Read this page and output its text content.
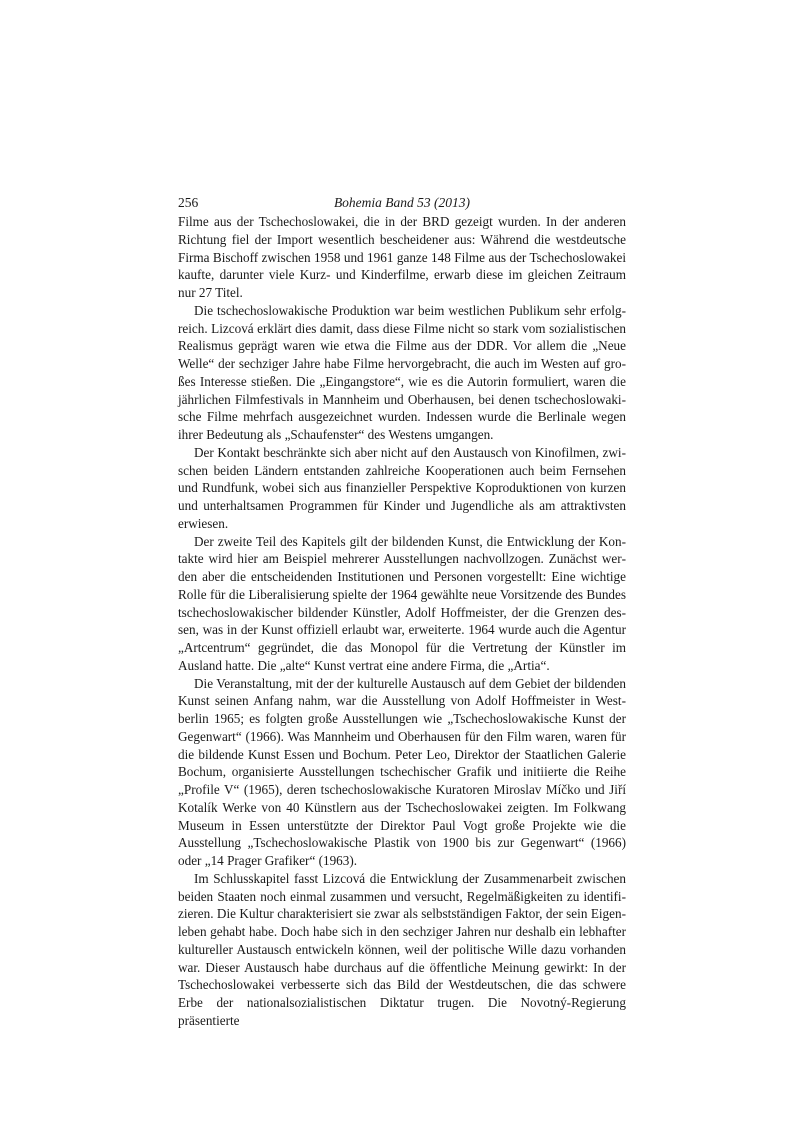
256	Bohemia Band 53 (2013)

Filme aus der Tschechoslowakei, die in der BRD gezeigt wurden. In der anderen Richtung fiel der Import wesentlich bescheidener aus: Während die westdeutsche Firma Bischoff zwischen 1958 und 1961 ganze 148 Filme aus der Tschechoslowakei kaufte, darunter viele Kurz- und Kinderfilme, erwarb diese im gleichen Zeitraum nur 27 Titel.

Die tschechoslowakische Produktion war beim westlichen Publikum sehr erfolgreich. Lizcová erklärt dies damit, dass diese Filme nicht so stark vom sozialistischen Realismus geprägt waren wie etwa die Filme aus der DDR. Vor allem die „Neue Welle“ der sechziger Jahre habe Filme hervorgebracht, die auch im Westen auf großes Interesse stießen. Die „Eingangstore“, wie es die Autorin formuliert, waren die jährlichen Filmfestivals in Mannheim und Oberhausen, bei denen tschechoslowakische Filme mehrfach ausgezeichnet wurden. Indessen wurde die Berlinale wegen ihrer Bedeutung als „Schaufenster“ des Westens umgangen.

Der Kontakt beschränkte sich aber nicht auf den Austausch von Kinofilmen, zwischen beiden Ländern entstanden zahlreiche Kooperationen auch beim Fernsehen und Rundfunk, wobei sich aus finanzieller Perspektive Koproduktionen von kurzen und unterhaltsamen Programmen für Kinder und Jugendliche als am attraktivsten erwiesen.

Der zweite Teil des Kapitels gilt der bildenden Kunst, die Entwicklung der Kontakte wird hier am Beispiel mehrerer Ausstellungen nachvollzogen. Zunächst werden aber die entscheidenden Institutionen und Personen vorgestellt: Eine wichtige Rolle für die Liberalisierung spielte der 1964 gewählte neue Vorsitzende des Bundes tschechoslowakischer bildender Künstler, Adolf Hoffmeister, der die Grenzen dessen, was in der Kunst offiziell erlaubt war, erweiterte. 1964 wurde auch die Agentur „Artcentrum“ gegründet, die das Monopol für die Vertretung der Künstler im Ausland hatte. Die „alte“ Kunst vertrat eine andere Firma, die „Artia“.

Die Veranstaltung, mit der der kulturelle Austausch auf dem Gebiet der bildenden Kunst seinen Anfang nahm, war die Ausstellung von Adolf Hoffmeister in Westberlin 1965; es folgten große Ausstellungen wie „Tschechoslowakische Kunst der Gegenwart“ (1966). Was Mannheim und Oberhausen für den Film waren, waren für die bildende Kunst Essen und Bochum. Peter Leo, Direktor der Staatlichen Galerie Bochum, organisierte Ausstellungen tschechischer Grafik und initiierte die Reihe „Profile V“ (1965), deren tschechoslowakische Kuratoren Miroslav Míčko und Jiří Kotalík Werke von 40 Künstlern aus der Tschechoslowakei zeigten. Im Folkwang Museum in Essen unterstützte der Direktor Paul Vogt große Projekte wie die Ausstellung „Tschechoslowakische Plastik von 1900 bis zur Gegenwart“ (1966) oder „14 Prager Grafiker“ (1963).

Im Schlusskapitel fasst Lizcová die Entwicklung der Zusammenarbeit zwischen beiden Staaten noch einmal zusammen und versucht, Regelmäßigkeiten zu identifizieren. Die Kultur charakterisiert sie zwar als selbstständigen Faktor, der sein Eigenleben gehabt habe. Doch habe sich in den sechziger Jahren nur deshalb ein lebhafter kultureller Austausch entwickeln können, weil der politische Wille dazu vorhanden war. Dieser Austausch habe durchaus auf die öffentliche Meinung gewirkt: In der Tschechoslowakei verbesserte sich das Bild der Westdeutschen, die das schwere Erbe der nationalsozialistischen Diktatur trugen. Die Novotný-Regierung präsentierte
